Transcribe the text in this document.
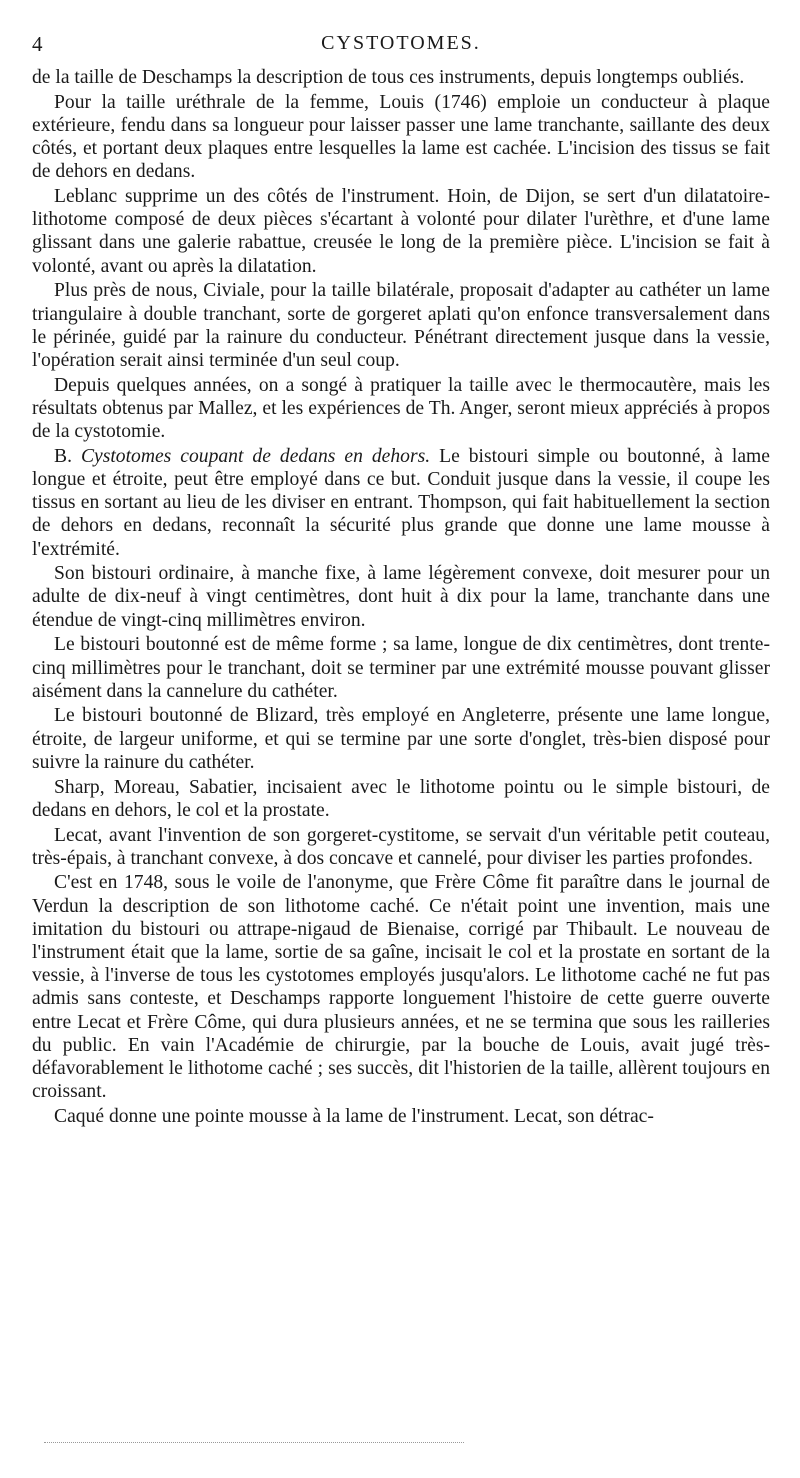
4	CYSTOTOMES.

de la taille de Deschamps la description de tous ces instruments, depuis longtemps oubliés.

Pour la taille uréthrale de la femme, Louis (1746) emploie un conducteur à plaque extérieure, fendu dans sa longueur pour laisser passer une lame tranchante, saillante des deux côtés, et portant deux plaques entre lesquelles la lame est cachée. L'incision des tissus se fait de dehors en dedans.

Leblanc supprime un des côtés de l'instrument. Hoin, de Dijon, se sert d'un dilatatoire-lithotome composé de deux pièces s'écartant à volonté pour dilater l'urèthre, et d'une lame glissant dans une galerie rabattue, creusée le long de la première pièce. L'incision se fait à volonté, avant ou après la dilatation.

Plus près de nous, Civiale, pour la taille bilatérale, proposait d'adapter au cathéter un lame triangulaire à double tranchant, sorte de gorgeret aplati qu'on enfonce transversalement dans le périnée, guidé par la rainure du conducteur. Pénétrant directement jusque dans la vessie, l'opération serait ainsi terminée d'un seul coup.

Depuis quelques années, on a songé à pratiquer la taille avec le thermocautère, mais les résultats obtenus par Mallez, et les expériences de Th. Anger, seront mieux appréciés à propos de la cystotomie.

B. Cystotomes coupant de dedans en dehors. Le bistouri simple ou boutonné, à lame longue et étroite, peut être employé dans ce but. Conduit jusque dans la vessie, il coupe les tissus en sortant au lieu de les diviser en entrant. Thompson, qui fait habituellement la section de dehors en dedans, reconnaît la sécurité plus grande que donne une lame mousse à l'extrémité.

Son bistouri ordinaire, à manche fixe, à lame légèrement convexe, doit mesurer pour un adulte de dix-neuf à vingt centimètres, dont huit à dix pour la lame, tranchante dans une étendue de vingt-cinq millimètres environ.

Le bistouri boutonné est de même forme ; sa lame, longue de dix centimètres, dont trente-cinq millimètres pour le tranchant, doit se terminer par une extrémité mousse pouvant glisser aisément dans la cannelure du cathéter.

Le bistouri boutonné de Blizard, très employé en Angleterre, présente une lame longue, étroite, de largeur uniforme, et qui se termine par une sorte d'onglet, très-bien disposé pour suivre la rainure du cathéter.

Sharp, Moreau, Sabatier, incisaient avec le lithotome pointu ou le simple bistouri, de dedans en dehors, le col et la prostate.

Lecat, avant l'invention de son gorgeret-cystitome, se servait d'un véritable petit couteau, très-épais, à tranchant convexe, à dos concave et cannelé, pour diviser les parties profondes.

C'est en 1748, sous le voile de l'anonyme, que Frère Côme fit paraître dans le journal de Verdun la description de son lithotome caché. Ce n'était point une invention, mais une imitation du bistouri ou attrape-nigaud de Bienaise, corrigé par Thibault. Le nouveau de l'instrument était que la lame, sortie de sa gaîne, incisait le col et la prostate en sortant de la vessie, à l'inverse de tous les cystotomes employés jusqu'alors. Le lithotome caché ne fut pas admis sans conteste, et Deschamps rapporte longuement l'histoire de cette guerre ouverte entre Lecat et Frère Côme, qui dura plusieurs années, et ne se termina que sous les railleries du public. En vain l'Académie de chirurgie, par la bouche de Louis, avait jugé très-défavorablement le lithotome caché ; ses succès, dit l'historien de la taille, allèrent toujours en croissant.

Caqué donne une pointe mousse à la lame de l'instrument. Lecat, son détrac-
